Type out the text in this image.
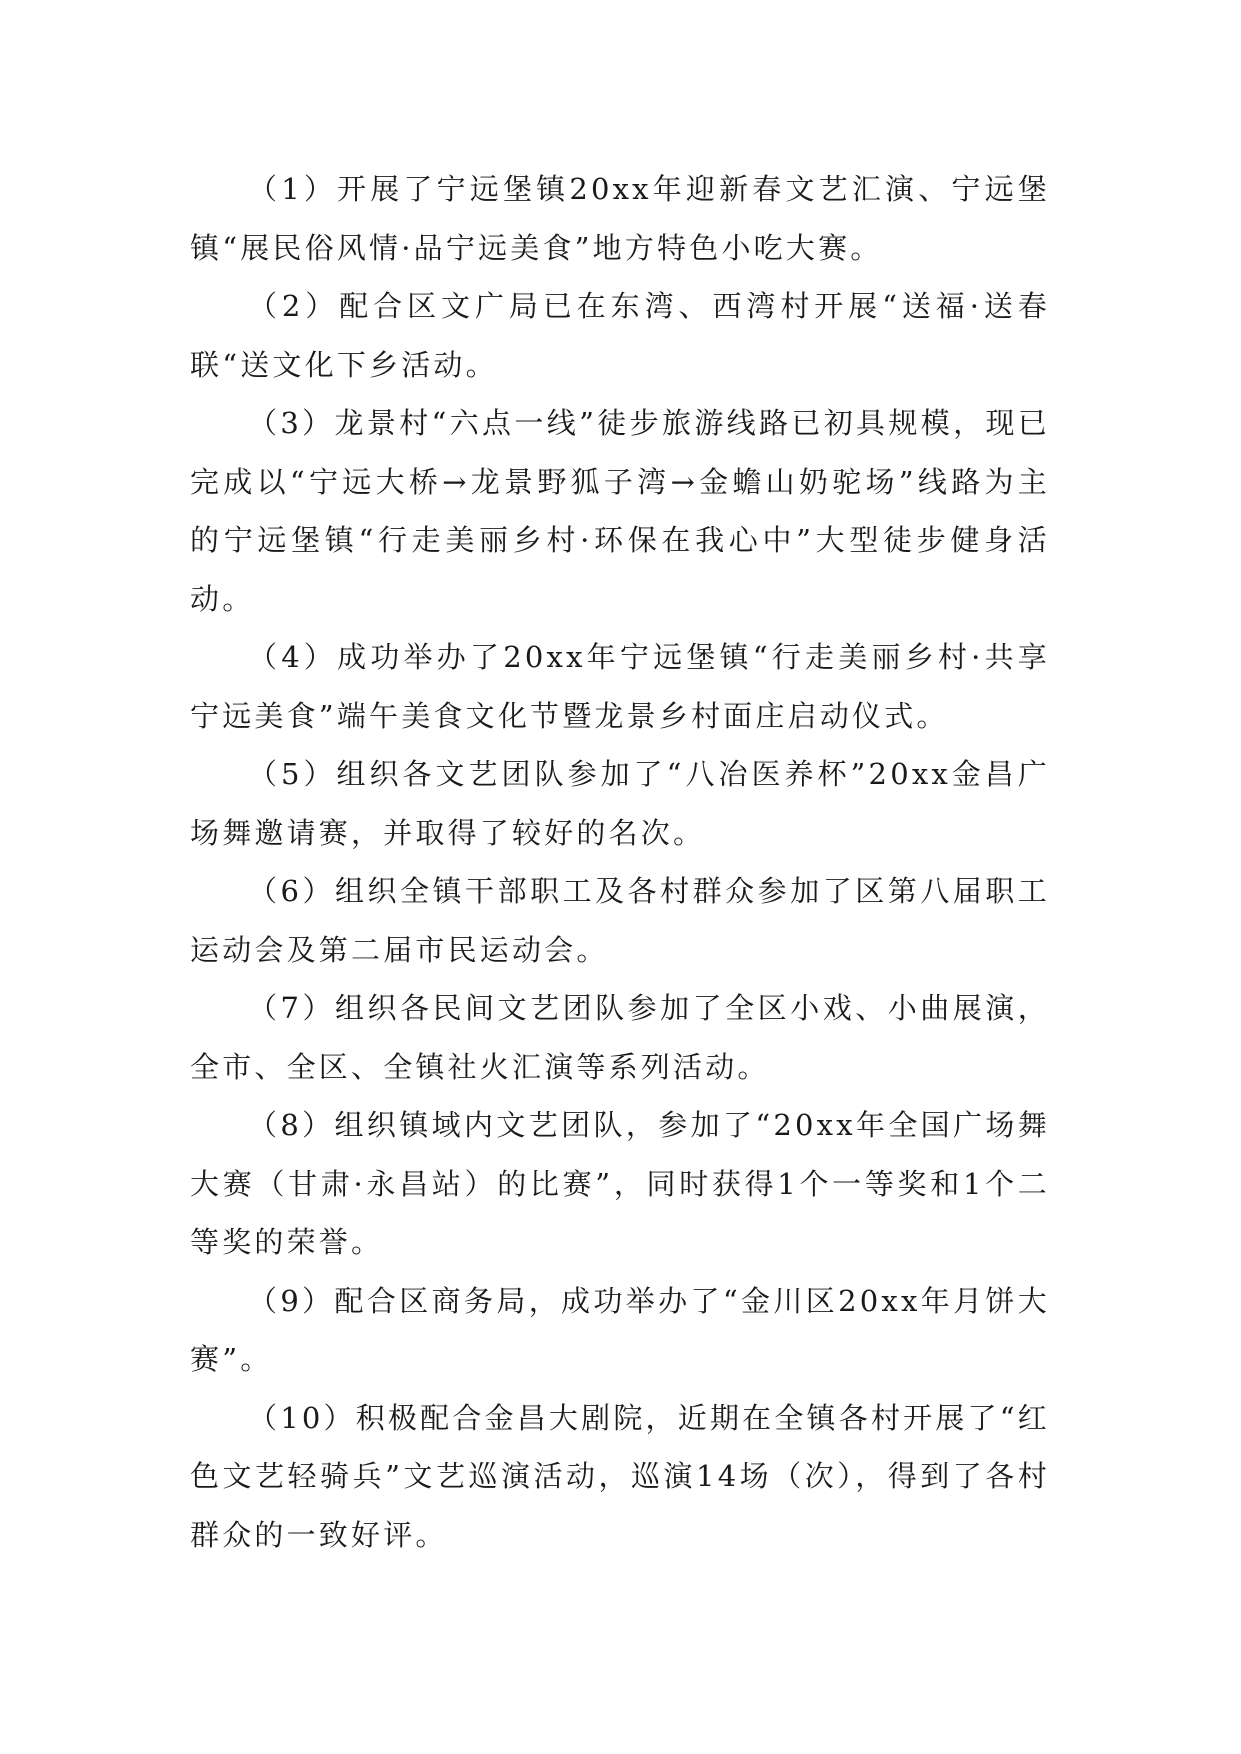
（1）开展了宁远堡镇20xx年迎新春文艺汇演、宁远堡镇“展民俗风情·品宁远美食”地方特色小吃大赛。

（2）配合区文广局已在东湾、西湾村开展“送福·送春联“送文化下乡活动。

（3）龙景村“六点一线”徒步旅游线路已初具规模，现已完成以“宁远大桥→龙景野狐子湾→金蟾山奶驼场”线路为主的宁远堡镇“行走美丽乡村·环保在我心中”大型徒步健身活动。

（4）成功举办了20xx年宁远堡镇“行走美丽乡村·共享宁远美食”端午美食文化节暨龙景乡村面庄启动仪式。

（5）组织各文艺团队参加了“八冶医养杯”20xx金昌广场舞邀请赛，并取得了较好的名次。

（6）组织全镇干部职工及各村群众参加了区第八届职工运动会及第二届市民运动会。

（7）组织各民间文艺团队参加了全区小戏、小曲展演，全市、全区、全镇社火汇演等系列活动。

（8）组织镇域内文艺团队，参加了“20xx年全国广场舞大赛（甘肃·永昌站）的比赛”，同时获得1个一等奖和1个二等奖的荣誉。

（9）配合区商务局，成功举办了“金川区20xx年月饼大赛”。

（10）积极配合金昌大剧院，近期在全镇各村开展了“红色文艺轻骑兵”文艺巡演活动，巡演14场（次），得到了各村群众的一致好评。
